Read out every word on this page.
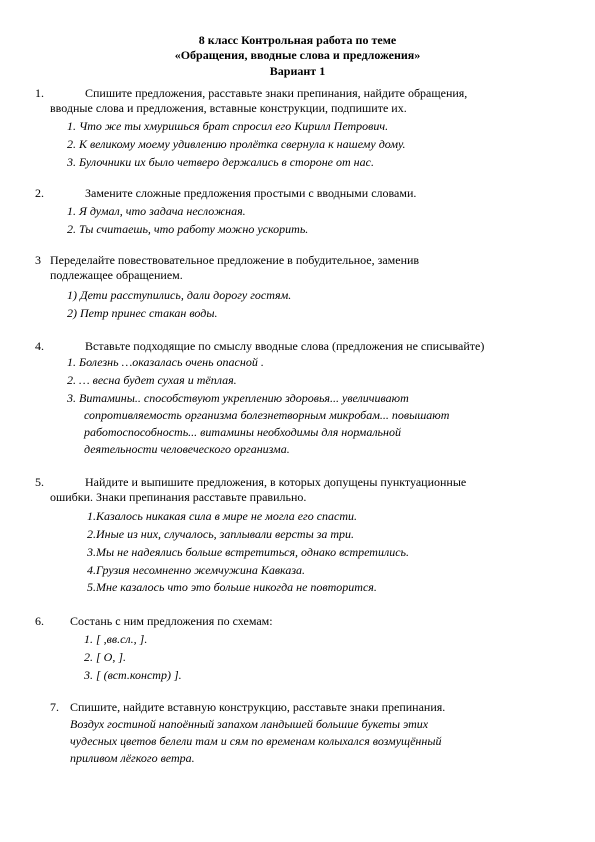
8 класс Контрольная работа по теме
«Обращения, вводные слова и предложения»
Вариант 1
1.	Спишите предложения, расставьте знаки препинания, найдите обращения,
вводные слова и предложения, вставные конструкции, подпишите их.
1. Что же ты хмуришься брат спросил его Кирилл Петрович.
2. К великому моему удивлению пролётка свернула к нашему дому.
3. Булочники их было четверо держались в стороне от нас.
2.	Замените сложные предложения простыми с вводными словами.
1. Я думал, что задача несложная.
2. Ты считаешь, что работу можно ускорить.
3 Переделайте повествовательное предложение в побудительное, заменив
подлежащее обращением.
1) Дети расступились, дали дорогу гостям.
2) Петр принес стакан воды.
4.	Вставьте подходящие по смыслу вводные слова (предложения не списывайте)
1. Болезнь …оказалась очень опасной .
2. … весна будет сухая и тёплая.
3. Витамины.. способствуют укреплению здоровья... увеличивают
сопротивляемость организма болезнетворным микробам... повышают
работоспособность... витамины необходимы для нормальной
деятельности человеческого организма.
5.	Найдите и выпишите предложения, в которых допущены пунктуационные
ошибки. Знаки препинания расставьте правильно.
1.Казалось никакая сила в мире не могла его спасти.
2.Иные из них, случалось, заплывали версты за три.
3.Мы не надеялись больше встретиться, однако встретились.
4.Грузия несомненно жемчужина Кавказа.
5.Мне казалось что это больше никогда не повторится.
6. Состань с ним предложения по схемам:
1. [ ,вв.сл., ].
2. [ О, ].
3. [ (вст.констр) ].
7. Спишите, найдите вставную конструкцию, расставьте знаки препинания.
Воздух гостиной напоённый запахом ландышей большие букеты этих
чудесных цветов белели там и сям по временам колыхался возмущённый
приливом лёгкого ветра.
